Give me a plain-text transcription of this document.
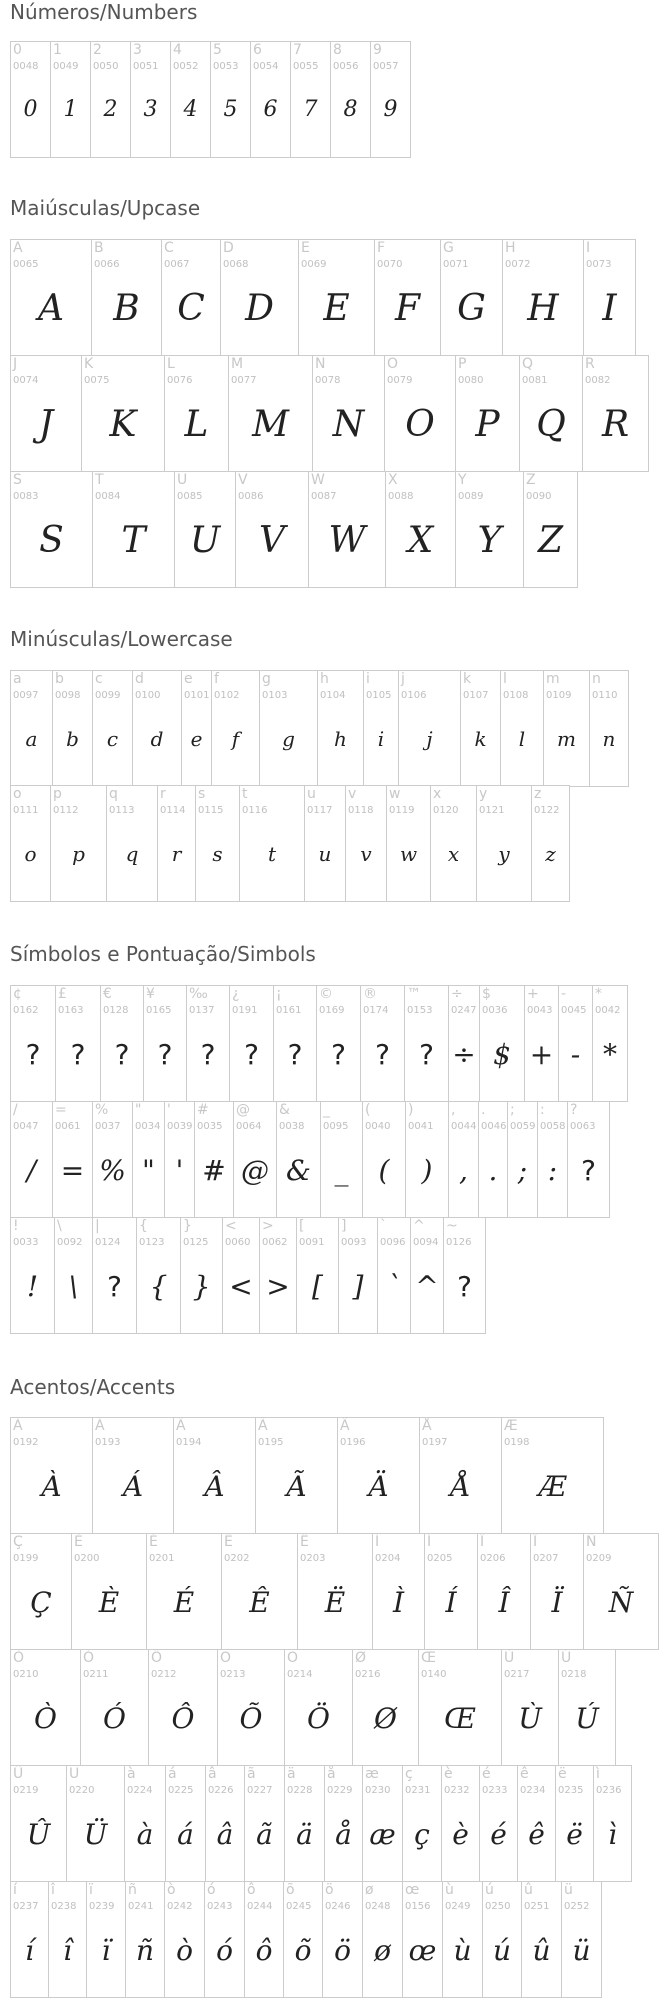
Números/Numbers
Maiúsculas/Upcase
Minúsculas/Lowercase
Símbolos e Pontuação/Simbols
Acentos/Accents
0
0048
0
1
0049
1
2
0050
2
3
0051
3
4
0052
4
5
0053
5
6
0054
6
7
0055
7
8
0056
8
9
0057
9
A
0065
A
B
0066
B
C
0067
C
D
0068
D
E
0069
E
F
0070
F
G
0071
G
H
0072
H
I
0073
I
J
0074
J
K
0075
K
L
0076
L
M
0077
M
N
0078
N
O
0079
O
P
0080
P
Q
0081
Q
R
0082
R
S
0083
S
T
0084
T
U
0085
U
V
0086
V
W
0087
W
X
0088
X
Y
0089
Y
Z
0090
Z
a
0097
a
b
0098
b
c
0099
c
d
0100
d
e
0101
e
f
0102
f
g
0103
g
h
0104
h
i
0105
i
j
0106
j
k
0107
k
l
0108
l
m
0109
m
n
0110
n
o
0111
o
p
0112
p
q
0113
q
r
0114
r
s
0115
s
t
0116
t
u
0117
u
v
0118
v
w
0119
w
x
0120
x
y
0121
y
z
0122
z
¢
0162
?
£
0163
?
€
0128
?
¥
0165
?
‰
0137
?
¿
0191
?
¡
0161
?
©
0169
?
®
0174
?
™
0153
?
÷
0247
÷
$
0036
$
+
0043
+
-
0045
-
*
0042
*
/
0047
/
=
0061
=
%
0037
%
"
0034
"
'
0039
'
#
0035
#
@
0064
@
&
0038
&
_
0095
_
(
0040
(
)
0041
)
,
0044
,
.
0046
.
;
0059
;
:
0058
:
?
0063
?
!
0033
!
\
0092
\
|
0124
?
{
0123
{
}
0125
}
<
0060
<
>
0062
>
[
0091
[
]
0093
]
`
0096
`
^
0094
^
~
0126
?
À
0192
À
Á
0193
Á
Â
0194
Â
Ã
0195
Ã
Ä
0196
Ä
Å
0197
Å
Æ
0198
Æ
Ç
0199
Ç
È
0200
È
É
0201
É
Ê
0202
Ê
Ë
0203
Ë
Ì
0204
Ì
Í
0205
Í
Î
0206
Î
Ï
0207
Ï
Ñ
0209
Ñ
Ò
0210
Ò
Ó
0211
Ó
Ô
0212
Ô
Õ
0213
Õ
Ö
0214
Ö
Ø
0216
Ø
Œ
0140
Œ
Ù
0217
Ù
Ú
0218
Ú
Û
0219
Û
Ü
0220
Ü
à
0224
à
á
0225
á
â
0226
â
ã
0227
ã
ä
0228
ä
å
0229
å
æ
0230
æ
ç
0231
ç
è
0232
è
é
0233
é
ê
0234
ê
ë
0235
ë
ì
0236
ì
í
0237
í
î
0238
î
ï
0239
ï
ñ
0241
ñ
ò
0242
ò
ó
0243
ó
ô
0244
ô
õ
0245
õ
ö
0246
ö
ø
0248
ø
œ
0156
œ
ù
0249
ù
ú
0250
ú
û
0251
û
ü
0252
ü
